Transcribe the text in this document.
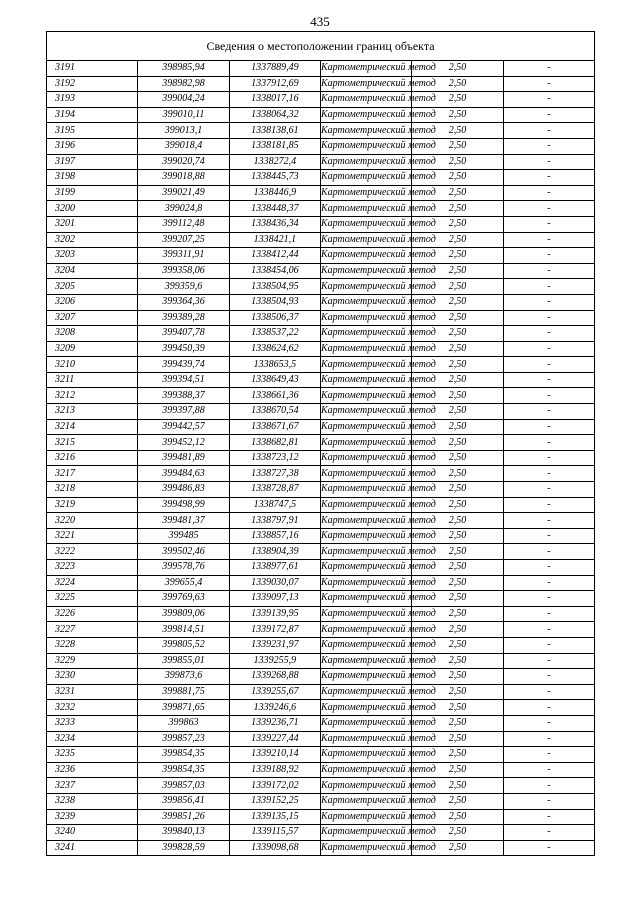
435
Сведения о местоположении границ объекта					
3191	398985,94	1337889,49	Картометрический метод	2,50	-
3192	398982,98	1337912,69	Картометрический метод	2,50	-
3193	399004,24	1338017,16	Картометрический метод	2,50	-
3194	399010,11	1338064,32	Картометрический метод	2,50	-
3195	399013,1	1338138,61	Картометрический метод	2,50	-
3196	399018,4	1338181,85	Картометрический метод	2,50	-
3197	399020,74	1338272,4	Картометрический метод	2,50	-
3198	399018,88	1338445,73	Картометрический метод	2,50	-
3199	399021,49	1338446,9	Картометрический метод	2,50	-
3200	399024,8	1338448,37	Картометрический метод	2,50	-
3201	399112,48	1338436,34	Картометрический метод	2,50	-
3202	399207,25	1338421,1	Картометрический метод	2,50	-
3203	399311,91	1338412,44	Картометрический метод	2,50	-
3204	399358,06	1338454,06	Картометрический метод	2,50	-
3205	399359,6	1338504,95	Картометрический метод	2,50	-
3206	399364,36	1338504,93	Картометрический метод	2,50	-
3207	399389,28	1338506,37	Картометрический метод	2,50	-
3208	399407,78	1338537,22	Картометрический метод	2,50	-
3209	399450,39	1338624,62	Картометрический метод	2,50	-
3210	399439,74	1338653,5	Картометрический метод	2,50	-
3211	399394,51	1338649,43	Картометрический метод	2,50	-
3212	399388,37	1338661,36	Картометрический метод	2,50	-
3213	399397,88	1338670,54	Картометрический метод	2,50	-
3214	399442,57	1338671,67	Картометрический метод	2,50	-
3215	399452,12	1338682,81	Картометрический метод	2,50	-
3216	399481,89	1338723,12	Картометрический метод	2,50	-
3217	399484,63	1338727,38	Картометрический метод	2,50	-
3218	399486,83	1338728,87	Картометрический метод	2,50	-
3219	399498,99	1338747,5	Картометрический метод	2,50	-
3220	399481,37	1338797,91	Картометрический метод	2,50	-
3221	399485	1338857,16	Картометрический метод	2,50	-
3222	399502,46	1338904,39	Картометрический метод	2,50	-
3223	399578,76	1338977,61	Картометрический метод	2,50	-
3224	399655,4	1339030,07	Картометрический метод	2,50	-
3225	399769,63	1339097,13	Картометрический метод	2,50	-
3226	399809,06	1339139,95	Картометрический метод	2,50	-
3227	399814,51	1339172,87	Картометрический метод	2,50	-
3228	399805,52	1339231,97	Картометрический метод	2,50	-
3229	399855,01	1339255,9	Картометрический метод	2,50	-
3230	399873,6	1339268,88	Картометрический метод	2,50	-
3231	399881,75	1339255,67	Картометрический метод	2,50	-
3232	399871,65	1339246,6	Картометрический метод	2,50	-
3233	399863	1339236,71	Картометрический метод	2,50	-
3234	399857,23	1339227,44	Картометрический метод	2,50	-
3235	399854,35	1339210,14	Картометрический метод	2,50	-
3236	399854,35	1339188,92	Картометрический метод	2,50	-
3237	399857,03	1339172,02	Картометрический метод	2,50	-
3238	399856,41	1339152,25	Картометрический метод	2,50	-
3239	399851,26	1339135,15	Картометрический метод	2,50	-
3240	399840,13	1339115,57	Картометрический метод	2,50	-
3241	399828,59	1339098,68	Картометрический метод	2,50	-
